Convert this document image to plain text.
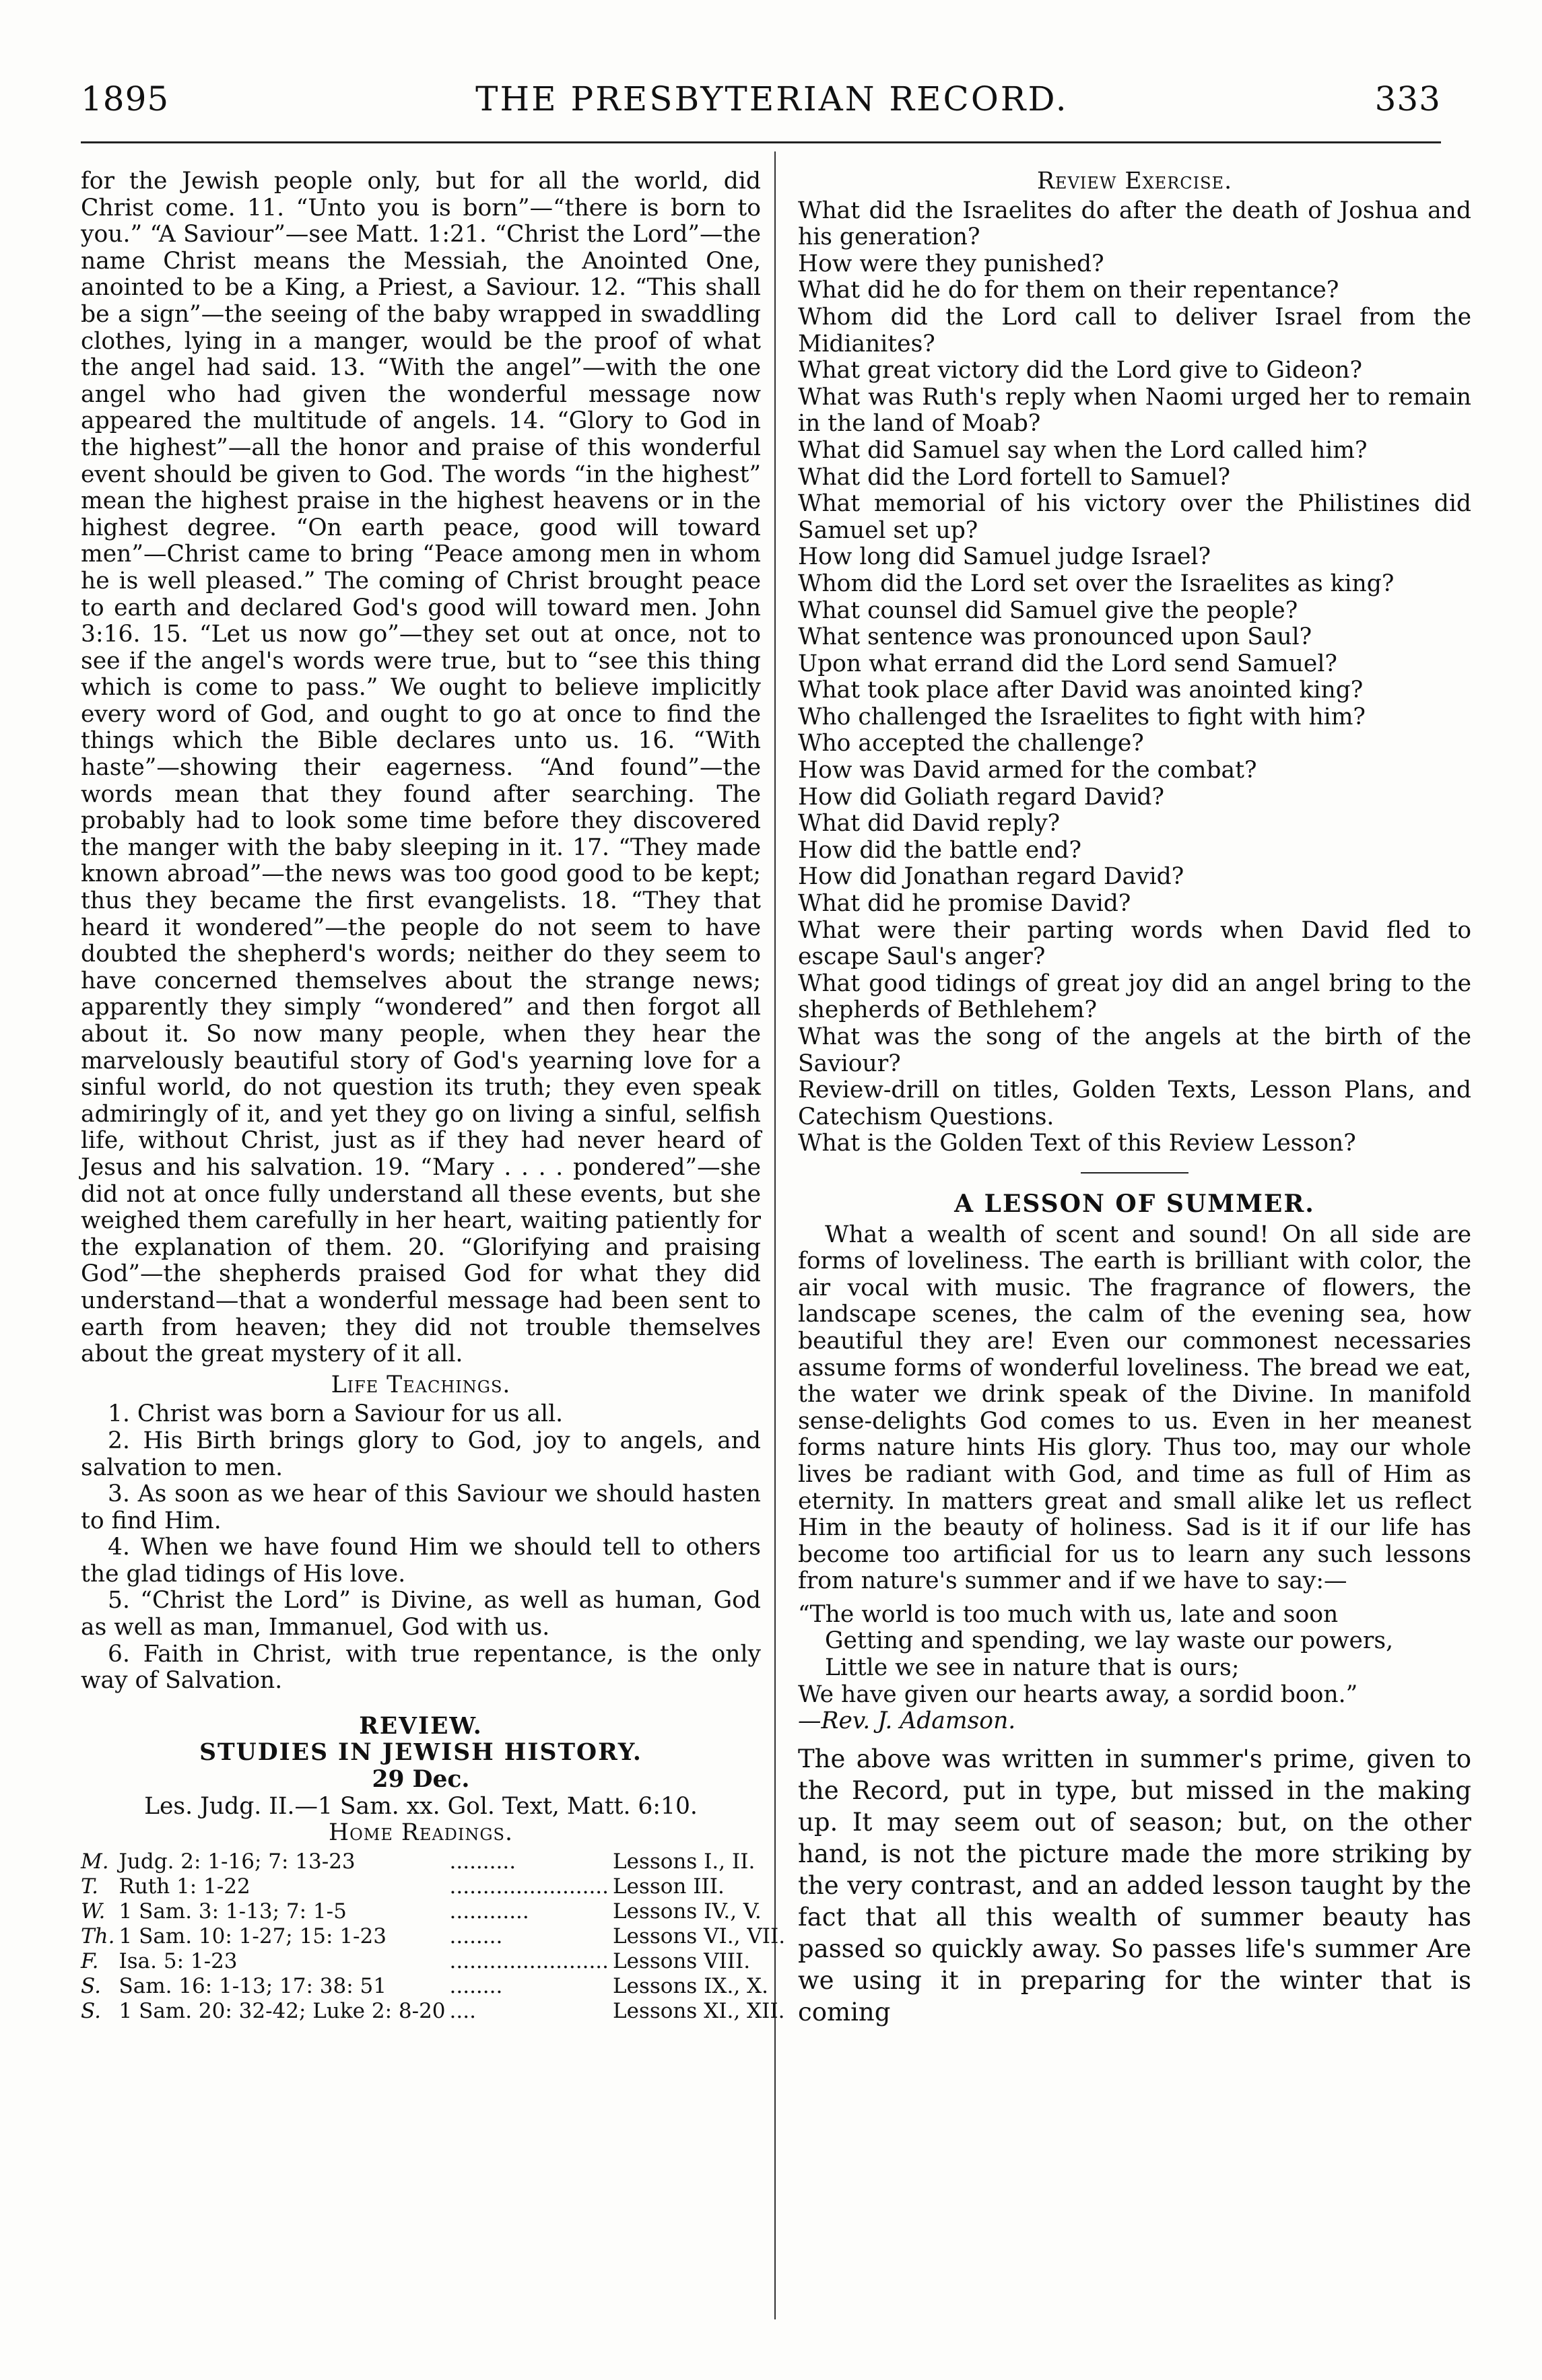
1895	THE PRESBYTERIAN RECORD.	333

for the Jewish people only, but for all the world, did Christ come. 11. “Unto you is born”—“there is born to you.” “A Saviour”—see Matt. 1:21. “Christ the Lord”—the name Christ means the Messiah, the Anointed One, anointed to be a King, a Priest, a Saviour. 12. “This shall be a sign”—the seeing of the baby wrapped in swaddling clothes, lying in a manger, would be the proof of what the angel had said. 13. “With the angel”—with the one angel who had given the wonderful message now appeared the multitude of angels. 14. “Glory to God in the highest”—all the honor and praise of this wonderful event should be given to God. The words “in the highest” mean the highest praise in the highest heavens or in the highest degree. “On earth peace, good will toward men”—Christ came to bring “Peace among men in whom he is well pleased.” The coming of Christ brought peace to earth and declared God's good will toward men. John 3:16. 15. “Let us now go”—they set out at once, not to see if the angel's words were true, but to “see this thing which is come to pass.” We ought to believe implicitly every word of God, and ought to go at once to find the things which the Bible declares unto us. 16. “With haste”—showing their eagerness. “And found”—the words mean that they found after searching. The probably had to look some time before they discovered the manger with the baby sleeping in it. 17. “They made known abroad”—the news was too good good to be kept; thus they became the first evangelists. 18. “They that heard it wondered”—the people do not seem to have doubted the shepherd's words; neither do they seem to have concerned themselves about the strange news; apparently they simply “wondered” and then forgot all about it. So now many people, when they hear the marvelously beautiful story of God's yearning love for a sinful world, do not question its truth; they even speak admiringly of it, and yet they go on living a sinful, selfish life, without Christ, just as if they had never heard of Jesus and his salvation. 19. “Mary . . . . pondered”—she did not at once fully understand all these events, but she weighed them carefully in her heart, waiting patiently for the explanation of them. 20. “Glorifying and praising God”—the shepherds praised God for what they did understand—that a wonderful message had been sent to earth from heaven; they did not trouble themselves about the great mystery of it all.

Life Teachings.

1. Christ was born a Saviour for us all.

2. His Birth brings glory to God, joy to angels, and salvation to men.

3. As soon as we hear of this Saviour we should hasten to find Him.

4. When we have found Him we should tell to others the glad tidings of His love.

5. “Christ the Lord” is Divine, as well as human, God as well as man, Immanuel, God with us.

6. Faith in Christ, with true repentance, is the only way of Salvation.

REVIEW.

STUDIES IN JEWISH HISTORY.

29 Dec.

Les. Judg. II.—1 Sam. xx. Gol. Text, Matt. 6:10.

Home Readings.

M.	Judg. 2: 1-16; 7: 13-23	..........	Lessons I., II.
T.	Ruth 1: 1-22	........................	Lesson III.
W.	1 Sam. 3: 1-13; 7: 1-5	............	Lessons IV., V.
Th.	1 Sam. 10: 1-27; 15: 1-23	........	Lessons VI., VII.
F.	Isa. 5: 1-23	........................	Lessons VIII.
S.	Sam. 16: 1-13; 17: 38: 51	........	Lessons IX., X.
S.	1 Sam. 20: 32-42; Luke 2: 8-20	....	Lessons XI., XII.

Review Exercise.

What did the Israelites do after the death of Joshua and his generation?

How were they punished?

What did he do for them on their repentance?

Whom did the Lord call to deliver Israel from the Midianites?

What great victory did the Lord give to Gideon?

What was Ruth's reply when Naomi urged her to remain in the land of Moab?

What did Samuel say when the Lord called him?

What did the Lord fortell to Samuel?

What memorial of his victory over the Philistines did Samuel set up?

How long did Samuel judge Israel?

Whom did the Lord set over the Israelites as king?

What counsel did Samuel give the people?

What sentence was pronounced upon Saul?

Upon what errand did the Lord send Samuel?

What took place after David was anointed king?

Who challenged the Israelites to fight with him?

Who accepted the challenge?

How was David armed for the combat?

How did Goliath regard David?

What did David reply?

How did the battle end?

How did Jonathan regard David?

What did he promise David?

What were their parting words when David fled to escape Saul's anger?

What good tidings of great joy did an angel bring to the shepherds of Bethlehem?

What was the song of the angels at the birth of the Saviour?

Review-drill on titles, Golden Texts, Lesson Plans, and Catechism Questions.

What is the Golden Text of this Review Lesson?

A LESSON OF SUMMER.

What a wealth of scent and sound! On all side are forms of loveliness. The earth is brilliant with color, the air vocal with music. The fragrance of flowers, the landscape scenes, the calm of the evening sea, how beautiful they are! Even our commonest necessaries assume forms of wonderful loveliness. The bread we eat, the water we drink speak of the Divine. In manifold sense-delights God comes to us. Even in her meanest forms nature hints His glory. Thus too, may our whole lives be radiant with God, and time as full of Him as eternity. In matters great and small alike let us reflect Him in the beauty of holiness. Sad is it if our life has become too artificial for us to learn any such lessons from nature's summer and if we have to say:—

“The world is too much with us, late and soon

Getting and spending, we lay waste our powers,

Little we see in nature that is ours;

We have given our hearts away, a sordid boon.”

—Rev. J. Adamson.

The above was written in summer's prime, given to the Record, put in type, but missed in the making up. It may seem out of season; but, on the other hand, is not the picture made the more striking by the very contrast, and an added lesson taught by the fact that all this wealth of summer beauty has passed so quickly away. So passes life's summer Are we using it in preparing for the winter that is coming
